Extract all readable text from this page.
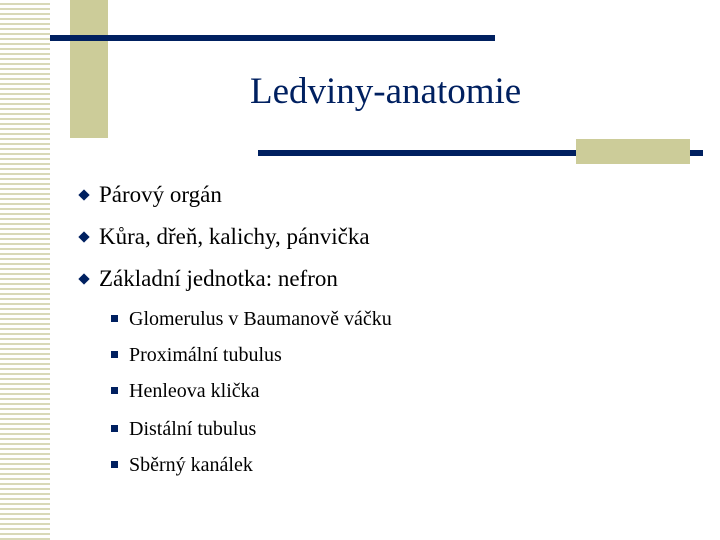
Ledviny-anatomie
Párový orgán
Kůra, dřeň, kalichy, pánvička
Základní jednotka: nefron
Glomerulus v Baumanově váčku
Proximální tubulus
Henleova klička
Distální tubulus
Sběrný kanálek
